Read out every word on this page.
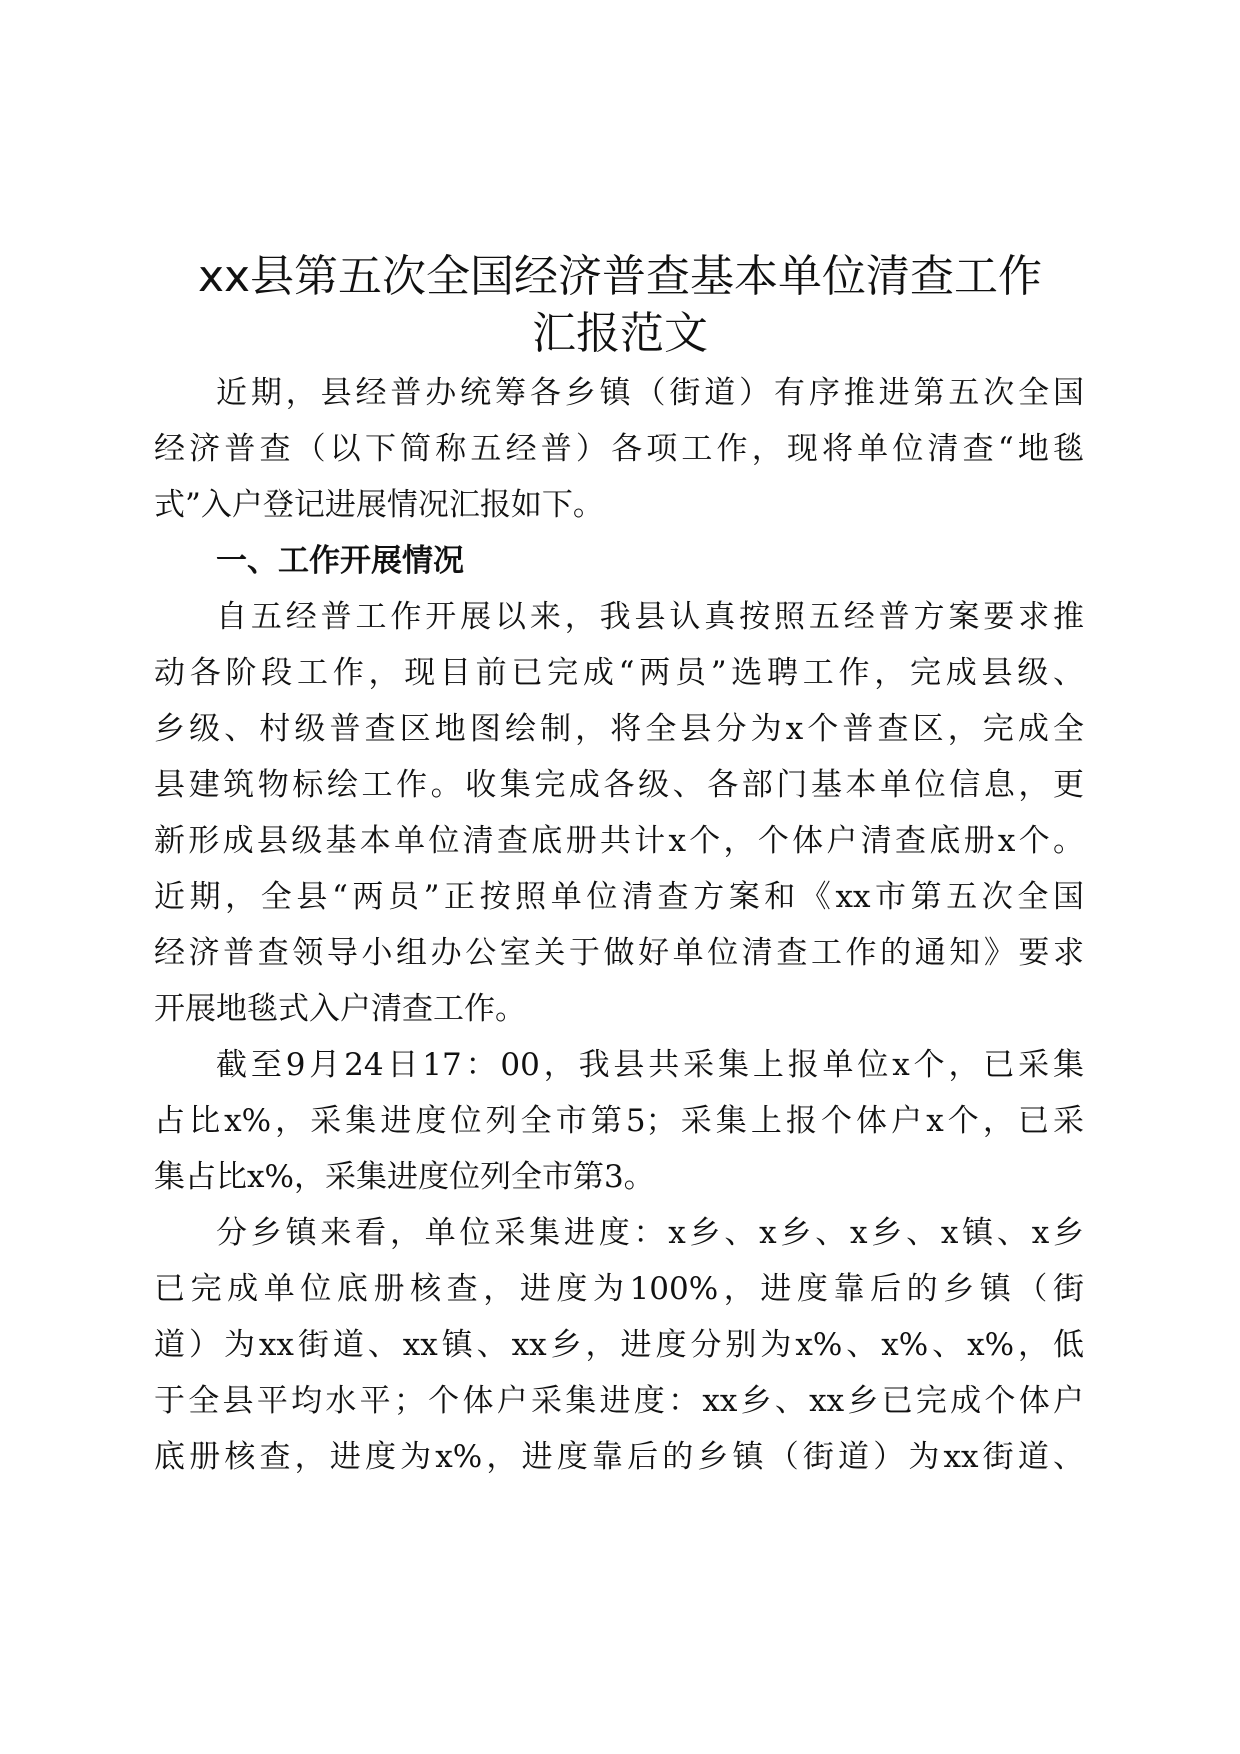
xx县第五次全国经济普查基本单位清查工作
汇报范文
近期，县经普办统筹各乡镇（街道）有序推进第五次全国
经济普查（以下简称五经普）各项工作，现将单位清查“地毯
式”入户登记进展情况汇报如下。
一、工作开展情况
自五经普工作开展以来，我县认真按照五经普方案要求推
动各阶段工作，现目前已完成“两员”选聘工作，完成县级、
乡级、村级普查区地图绘制，将全县分为x个普查区，完成全
县建筑物标绘工作。收集完成各级、各部门基本单位信息，更
新形成县级基本单位清查底册共计x个，个体户清查底册x个。
近期，全县“两员”正按照单位清查方案和《xx市第五次全国
经济普查领导小组办公室关于做好单位清查工作的通知》要求
开展地毯式入户清查工作。
截至9月24日17：00，我县共采集上报单位x个，已采集
占比x%，采集进度位列全市第5；采集上报个体户x个，已采
集占比x%，采集进度位列全市第3。
分乡镇来看，单位采集进度：x乡、x乡、x乡、x镇、x乡
已完成单位底册核查，进度为100%，进度靠后的乡镇（街
道）为xx街道、xx镇、xx乡，进度分别为x%、x%、x%，低
于全县平均水平；个体户采集进度：xx乡、xx乡已完成个体户
底册核查，进度为x%，进度靠后的乡镇（街道）为xx街道、
